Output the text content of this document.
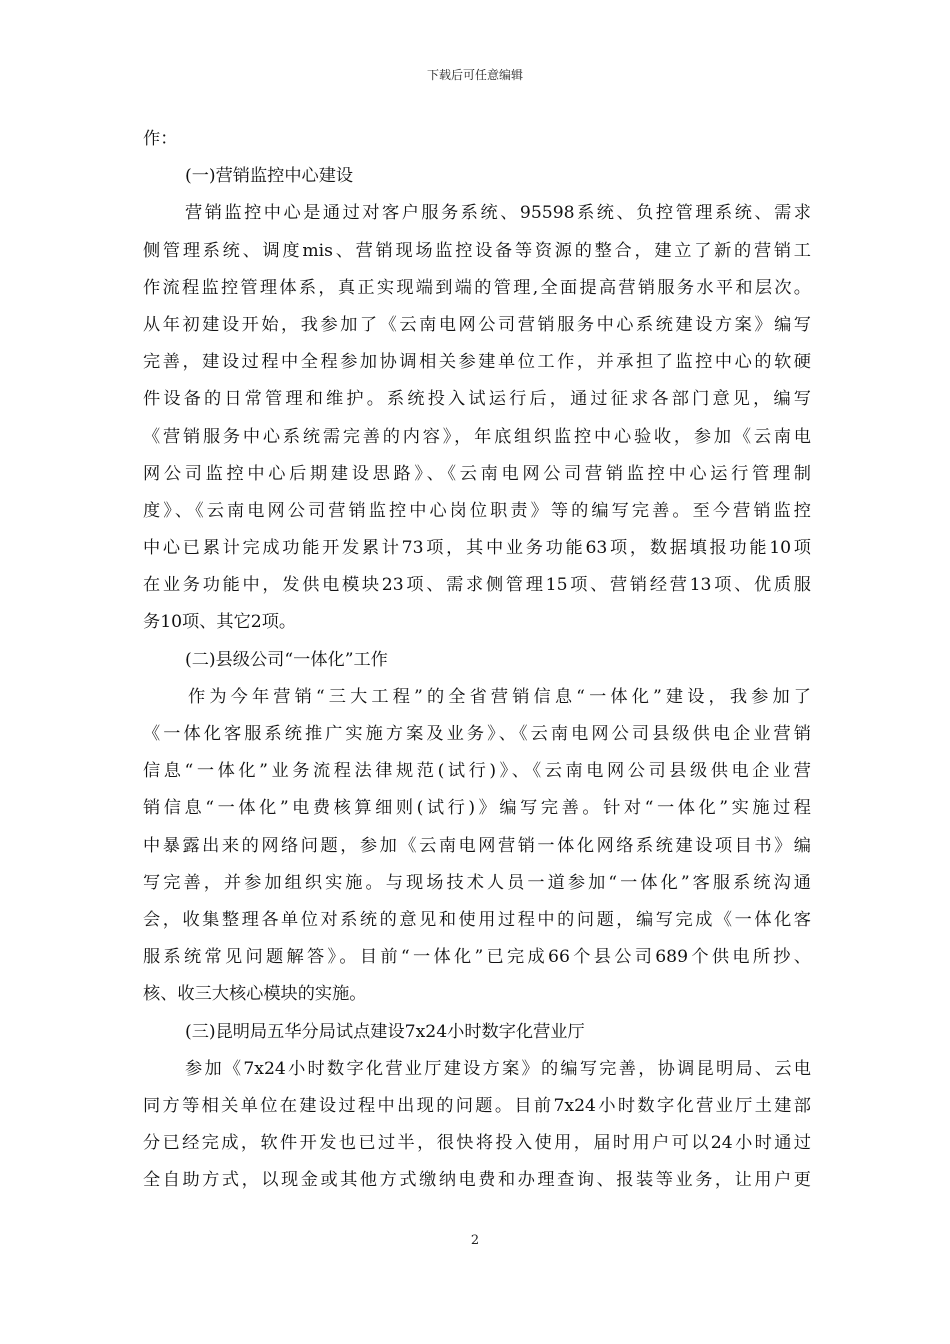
下载后可任意编辑
作：
(一)营销监控中心建设
营销监控中心是通过对客户服务系统、95598系统、负控管理系统、需求
侧管理系统、调度mis、营销现场监控设备等资源的整合，建立了新的营销工
作流程监控管理体系，真正实现端到端的管理,全面提高营销服务水平和层次。
从年初建设开始，我参加了《云南电网公司营销服务中心系统建设方案》编写
完善，建设过程中全程参加协调相关参建单位工作，并承担了监控中心的软硬
件设备的日常管理和维护。系统投入试运行后，通过征求各部门意见，编写
《营销服务中心系统需完善的内容》，年底组织监控中心验收，参加《云南电
网公司监控中心后期建设思路》、《云南电网公司营销监控中心运行管理制
度》、《云南电网公司营销监控中心岗位职责》等的编写完善。至今营销监控
中心已累计完成功能开发累计73项，其中业务功能63项，数据填报功能10项
在业务功能中，发供电模块23项、需求侧管理15项、营销经营13项、优质服
务10项、其它2项。
(二)县级公司“一体化”工作
作为今年营销“三大工程”的全省营销信息“一体化”建设，我参加了
《一体化客服系统推广实施方案及业务》、《云南电网公司县级供电企业营销
信息“一体化”业务流程法律规范(试行)》、《云南电网公司县级供电企业营
销信息“一体化”电费核算细则(试行)》编写完善。针对“一体化”实施过程
中暴露出来的网络问题，参加《云南电网营销一体化网络系统建设项目书》编
写完善，并参加组织实施。与现场技术人员一道参加“一体化”客服系统沟通
会，收集整理各单位对系统的意见和使用过程中的问题，编写完成《一体化客
服系统常见问题解答》。目前“一体化”已完成66个县公司689个供电所抄、
核、收三大核心模块的实施。
(三)昆明局五华分局试点建设7x24小时数字化营业厅
参加《7x24小时数字化营业厅建设方案》的编写完善，协调昆明局、云电
同方等相关单位在建设过程中出现的问题。目前7x24小时数字化营业厅土建部
分已经完成，软件开发也已过半，很快将投入使用，届时用户可以24小时通过
全自助方式，以现金或其他方式缴纳电费和办理查询、报装等业务，让用户更
2
